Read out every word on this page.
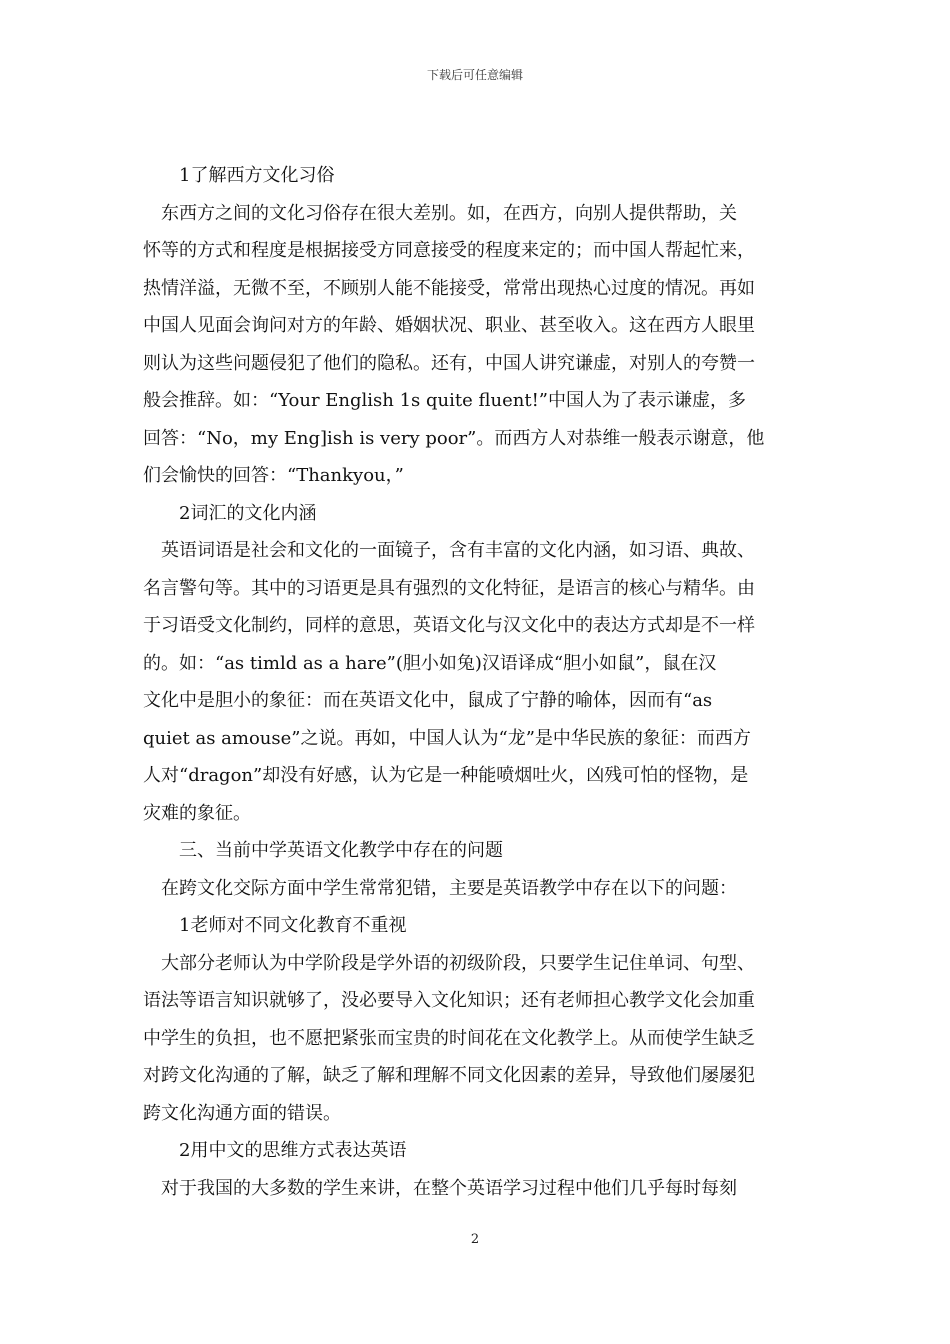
下载后可任意编辑
1了解西方文化习俗
　东西方之间的文化习俗存在很大差别。如，在西方，向别人提供帮助，关
怀等的方式和程度是根据接受方同意接受的程度来定的；而中国人帮起忙来，
热情洋溢，无微不至，不顾别人能不能接受，常常出现热心过度的情况。再如
中国人见面会询问对方的年龄、婚姻状况、职业、甚至收入。这在西方人眼里
则认为这些问题侵犯了他们的隐私。还有，中国人讲究谦虚，对别人的夸赞一
般会推辞。如：“Your English 1s quite fluent!”中国人为了表示谦虚，多
回答：“No，my Eng]ish is very poor”。而西方人对恭维一般表示谢意，他
们会愉快的回答：“Thankyou，”
2词汇的文化内涵
　英语词语是社会和文化的一面镜子，含有丰富的文化内涵，如习语、典故、
名言警句等。其中的习语更是具有强烈的文化特征，是语言的核心与精华。由
于习语受文化制约，同样的意思，英语文化与汉文化中的表达方式却是不一样
的。如：“as timld as a hare”(胆小如兔)汉语译成“胆小如鼠”，鼠在汉
文化中是胆小的象征：而在英语文化中，鼠成了宁静的喻体，因而有“as
quiet as amouse”之说。再如，中国人认为“龙”是中华民族的象征：而西方
人对“dragon”却没有好感，认为它是一种能喷烟吐火，凶残可怕的怪物，是
灾难的象征。
三、当前中学英语文化教学中存在的问题
　在跨文化交际方面中学生常常犯错，主要是英语教学中存在以下的问题：
1老师对不同文化教育不重视
　大部分老师认为中学阶段是学外语的初级阶段，只要学生记住单词、句型、
语法等语言知识就够了，没必要导入文化知识；还有老师担心教学文化会加重
中学生的负担，也不愿把紧张而宝贵的时间花在文化教学上。从而使学生缺乏
对跨文化沟通的了解，缺乏了解和理解不同文化因素的差异，导致他们屡屡犯
跨文化沟通方面的错误。
2用中文的思维方式表达英语
　对于我国的大多数的学生来讲，在整个英语学习过程中他们几乎每时每刻
2
